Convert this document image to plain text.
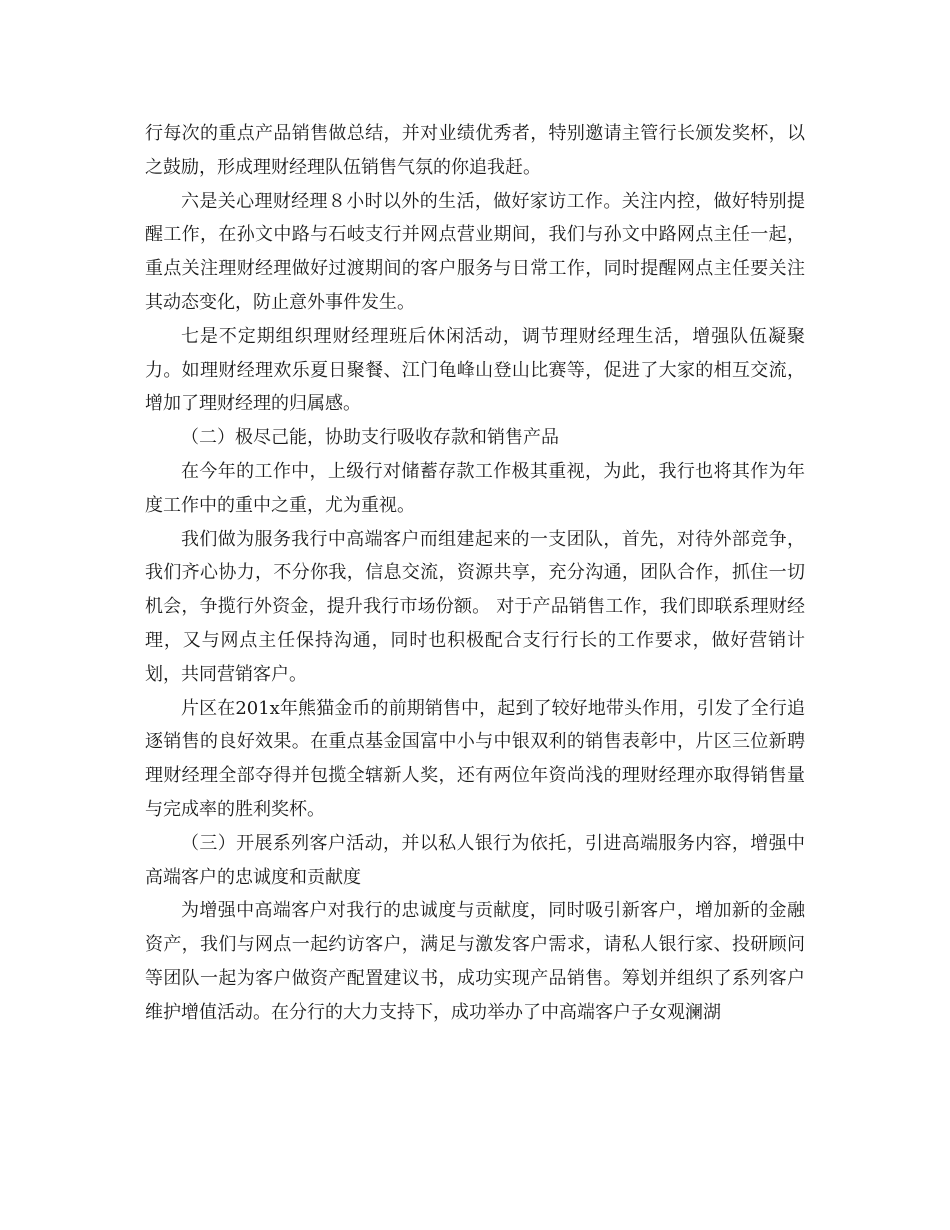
行每次的重点产品销售做总结，并对业绩优秀者，特别邀请主管行长颁发奖杯，以之鼓励，形成理财经理队伍销售气氛的你追我赶。

六是关心理财经理８小时以外的生活，做好家访工作。关注内控，做好特别提醒工作，在孙文中路与石岐支行并网点营业期间，我们与孙文中路网点主任一起，重点关注理财经理做好过渡期间的客户服务与日常工作，同时提醒网点主任要关注其动态变化，防止意外事件发生。

七是不定期组织理财经理班后休闲活动，调节理财经理生活，增强队伍凝聚力。如理财经理欢乐夏日聚餐、江门龟峰山登山比赛等，促进了大家的相互交流，增加了理财经理的归属感。

（二）极尽己能，协助支行吸收存款和销售产品

在今年的工作中，上级行对储蓄存款工作极其重视，为此，我行也将其作为年度工作中的重中之重，尤为重视。

我们做为服务我行中高端客户而组建起来的一支团队，首先，对待外部竞争，我们齐心协力，不分你我，信息交流，资源共享，充分沟通，团队合作，抓住一切机会，争揽行外资金，提升我行市场份额。 对于产品销售工作，我们即联系理财经理，又与网点主任保持沟通，同时也积极配合支行行长的工作要求，做好营销计划，共同营销客户。

片区在201x年熊猫金币的前期销售中，起到了较好地带头作用，引发了全行追逐销售的良好效果。在重点基金国富中小与中银双利的销售表彰中，片区三位新聘理财经理全部夺得并包揽全辖新人奖，还有两位年资尚浅的理财经理亦取得销售量与完成率的胜利奖杯。

（三）开展系列客户活动，并以私人银行为依托，引进高端服务内容，增强中高端客户的忠诚度和贡献度

为增强中高端客户对我行的忠诚度与贡献度，同时吸引新客户，增加新的金融资产，我们与网点一起约访客户，满足与激发客户需求，请私人银行家、投研顾问等团队一起为客户做资产配置建议书，成功实现产品销售。筹划并组织了系列客户维护增值活动。在分行的大力支持下，成功举办了中高端客户子女观澜湖
